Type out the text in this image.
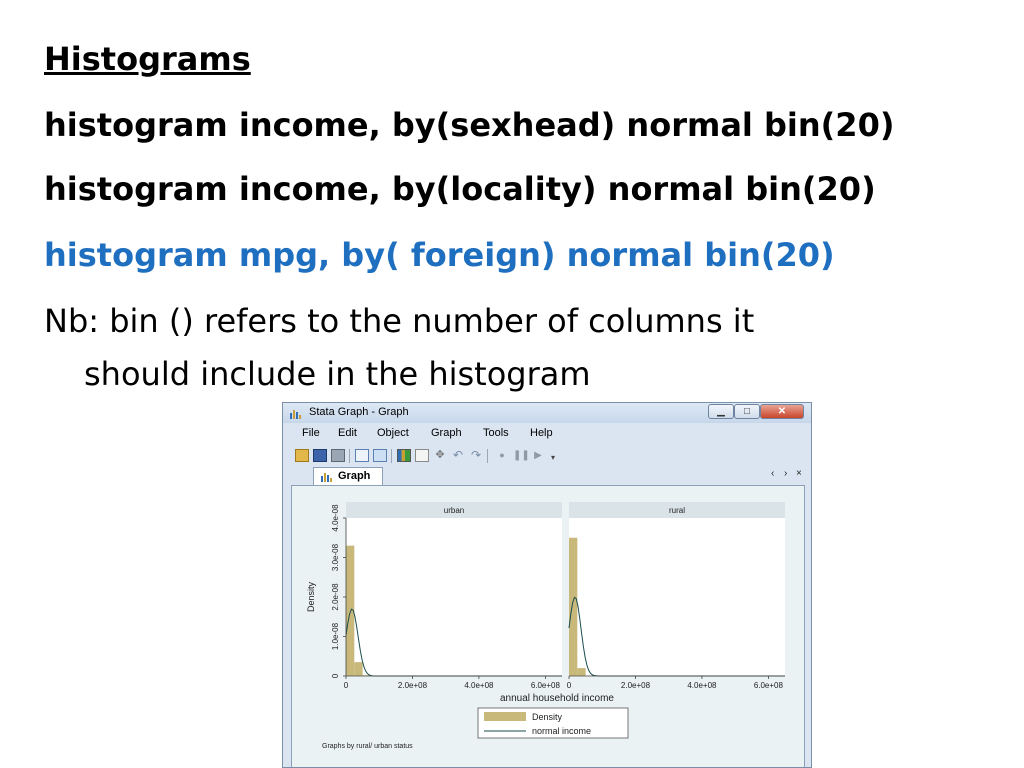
Histograms
histogram income, by(sexhead) normal bin(20)
histogram income, by(locality) normal bin(20)
histogram mpg, by( foreign) normal bin(20)
Nb: bin () refers to the number of columns it
should include in the histogram
Stata Graph - Graph	▁	□	✕
File Edit Object Graph Tools Help
✥ ↶ ↷	● ❚❚ ▶	▾
Graph	‹ › ×
urban
0	2.0e+08	4.0e+08	6.0e+08
rural
0	2.0e+08	4.0e+08	6.0e+08
0
1.0e-08
2.0e-08
3.0e-08
4.0e-08
Density
annual household income
Density
normal income
Graphs by rural/ urban status
